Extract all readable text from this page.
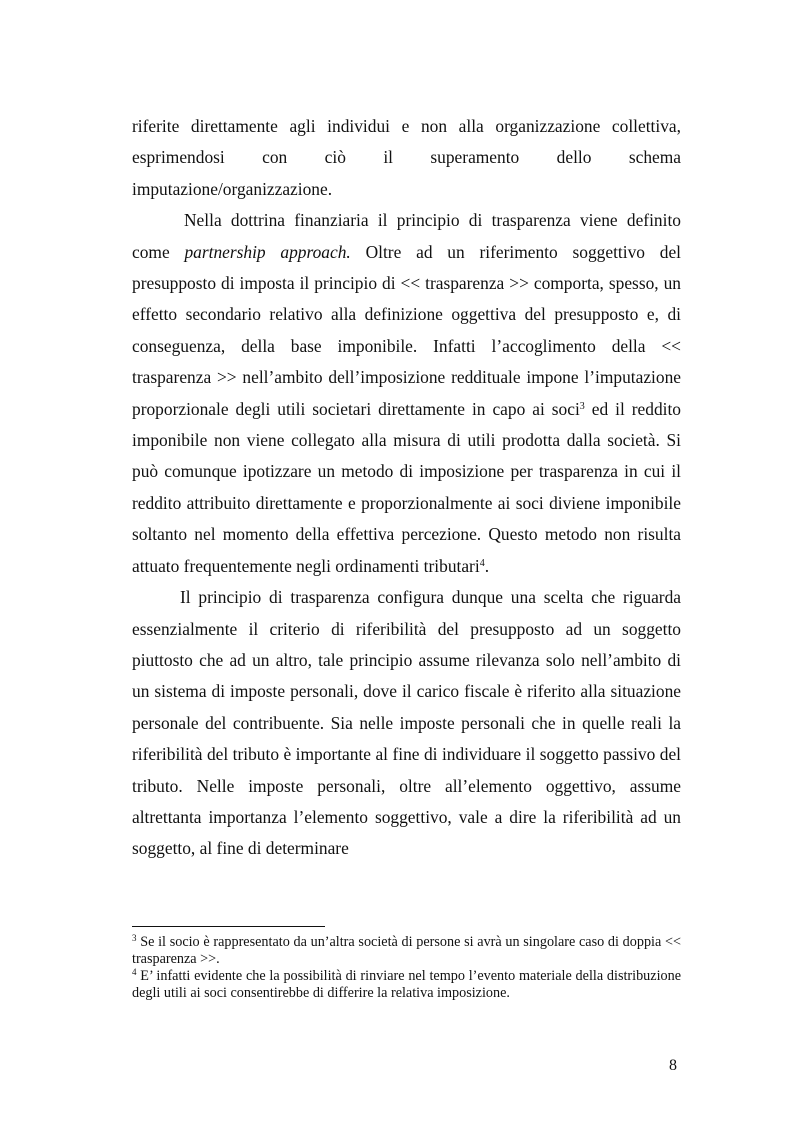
riferite direttamente agli individui e non alla organizzazione collettiva, esprimendosi con ciò il superamento dello schema imputazione/organizzazione.

Nella dottrina finanziaria il principio di trasparenza viene definito come partnership approach. Oltre ad un riferimento soggettivo del presupposto di imposta il principio di << trasparenza >> comporta, spesso, un effetto secondario relativo alla definizione oggettiva del presupposto e, di conseguenza, della base imponibile. Infatti l’accoglimento della << trasparenza >> nell’ambito dell’imposizione reddituale impone l’imputazione proporzionale degli utili societari direttamente in capo ai soci$^3$ ed il reddito imponibile non viene collegato alla misura di utili prodotta dalla società. Si può comunque ipotizzare un metodo di imposizione per trasparenza in cui il reddito attribuito direttamente e proporzionalmente ai soci diviene imponibile soltanto nel momento della effettiva percezione. Questo metodo non risulta attuato frequentemente negli ordinamenti tributari$^4$.

Il principio di trasparenza configura dunque una scelta che riguarda essenzialmente il criterio di riferibilità del presupposto ad un soggetto piuttosto che ad un altro, tale principio assume rilevanza solo nell’ambito di un sistema di imposte personali, dove il carico fiscale è riferito alla situazione personale del contribuente. Sia nelle imposte personali che in quelle reali la riferibilità del tributo è importante al fine di individuare il soggetto passivo del tributo. Nelle imposte personali, oltre all’elemento oggettivo, assume altrettanta importanza l’elemento soggettivo, vale a dire la riferibilità ad un soggetto, al fine di determinare

$^3$ Se il socio è rappresentato da un’altra società di persone si avrà un singolare caso di doppia << trasparenza >>.

$^4$ E’ infatti evidente che la possibilità di rinviare nel tempo l’evento materiale della distribuzione degli utili ai soci consentirebbe di differire la relativa imposizione.

8
